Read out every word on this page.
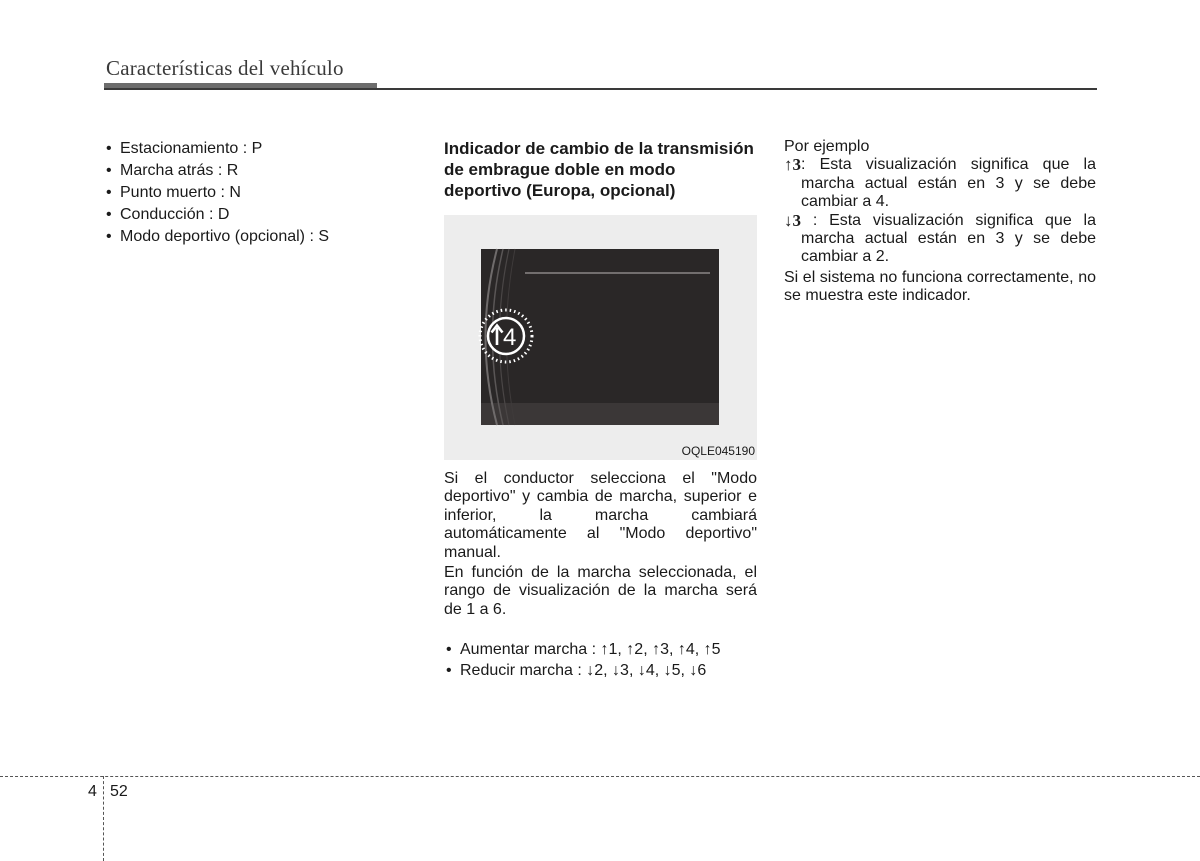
Características del vehículo
• Estacionamiento : P
• Marcha atrás : R
• Punto muerto : N
• Conducción : D
• Modo deportivo (opcional) : S
Indicador de cambio de la transmisión de embrague doble en modo deportivo (Europa, opcional)
4
OQLE045190

Si el conductor selecciona el "Modo deportivo" y cambia de marcha, superior e inferior, la marcha cambiará automáticamente al "Modo deportivo" manual.

En función de la marcha seleccionada, el rango de visualización de la marcha será de 1 a 6.

• Aumentar marcha : ↑1, ↑2, ↑3, ↑4, ↑5
• Reducir marcha : ↓2, ↓3, ↓4, ↓5, ↓6

Por ejemplo

↑3 : Esta visualización significa que la marcha actual están en 3 y se debe cambiar a 4.
↓3 : Esta visualización significa que la marcha actual están en 3 y se debe cambiar a 2.

Si el sistema no funciona correctamente, no se muestra este indicador.

4 52
